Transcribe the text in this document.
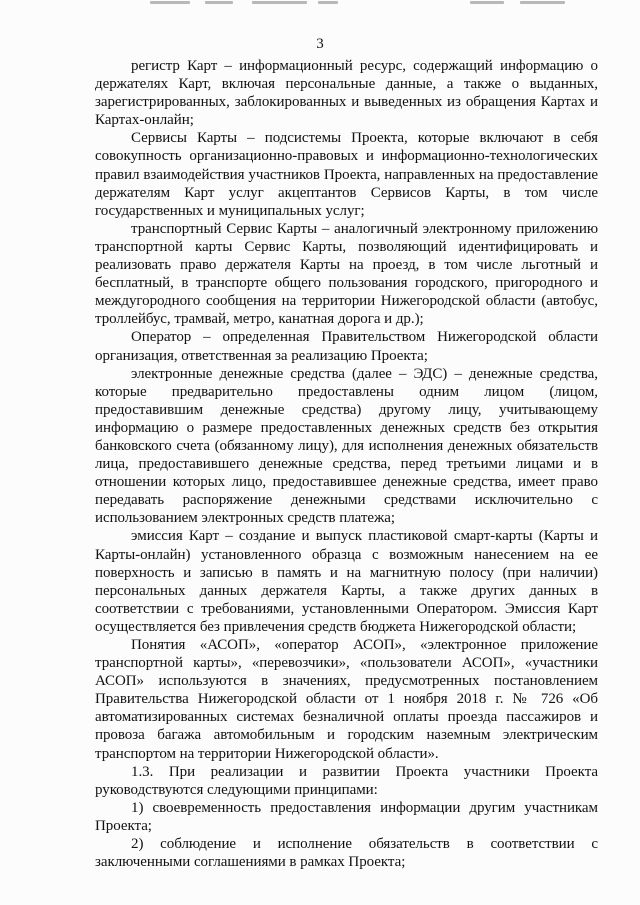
3

регистр Карт – информационный ресурс, содержащий информацию о держателях Карт, включая персональные данные, а также о выданных, зарегистрированных, заблокированных и выведенных из обращения Картах и Картах-онлайн;

Сервисы Карты – подсистемы Проекта, которые включают в себя совокупность организационно-правовых и информационно-технологических правил взаимодействия участников Проекта, направленных на предоставление держателям Карт услуг акцептантов Сервисов Карты, в том числе государственных и муниципальных услуг;

транспортный Сервис Карты – аналогичный электронному приложению транспортной карты Сервис Карты, позволяющий идентифицировать и реализовать право держателя Карты на проезд, в том числе льготный и бесплатный, в транспорте общего пользования городского, пригородного и междугородного сообщения на территории Нижегородской области (автобус, троллейбус, трамвай, метро, канатная дорога и др.);

Оператор – определенная Правительством Нижегородской области организация, ответственная за реализацию Проекта;

электронные денежные средства (далее – ЭДС) – денежные средства, которые предварительно предоставлены одним лицом (лицом, предоставившим денежные средства) другому лицу, учитывающему информацию о размере предоставленных денежных средств без открытия банковского счета (обязанному лицу), для исполнения денежных обязательств лица, предоставившего денежные средства, перед третьими лицами и в отношении которых лицо, предоставившее денежные средства, имеет право передавать распоряжение денежными средствами исключительно с использованием электронных средств платежа;

эмиссия Карт – создание и выпуск пластиковой смарт-карты (Карты и Карты-онлайн) установленного образца с возможным нанесением на ее поверхность и записью в память и на магнитную полосу (при наличии) персональных данных держателя Карты, а также других данных в соответствии с требованиями, установленными Оператором. Эмиссия Карт осуществляется без привлечения средств бюджета Нижегородской области;

Понятия «АСОП», «оператор АСОП», «электронное приложение транспортной карты», «перевозчики», «пользователи АСОП», «участники АСОП» используются в значениях, предусмотренных постановлением Правительства Нижегородской области от 1 ноября 2018 г. № 726 «Об автоматизированных системах безналичной оплаты проезда пассажиров и провоза багажа автомобильным и городским наземным электрическим транспортом на территории Нижегородской области».

1.3. При реализации и развитии Проекта участники Проекта руководствуются следующими принципами:

1) своевременность предоставления информации другим участникам Проекта;

2) соблюдение и исполнение обязательств в соответствии с заключенными соглашениями в рамках Проекта;
